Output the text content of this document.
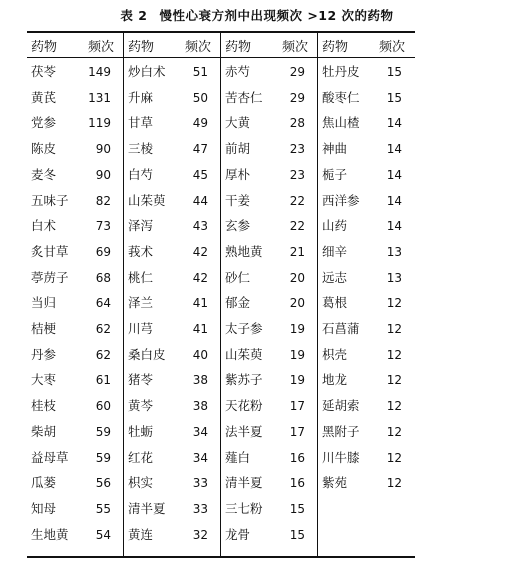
表 2 慢性心衰方剂中出现频次 >12 次的药物
药物 频次
茯苓	149
黄芪	131
党参	119
陈皮	90
麦冬	90
五味子 82
白术	73
炙甘草 69
葶苈子 68
当归	64
桔梗	62
丹参	62
大枣	61
桂枝	60
柴胡	59
益母草 59
瓜蒌	56
知母	55
生地黄 54
药物 频次
炒白术 51
升麻	50
甘草	49
三棱	47
白芍	45
山茱萸 44
泽泻	43
莪术	42
桃仁	42
泽兰	41
川芎	41
桑白皮 40
猪苓	38
黄芩	38
牡蛎	34
红花	34
枳实	33
清半夏 33
黄连	32
药物 频次
赤芍	29
苦杏仁 29
大黄	28
前胡	23
厚朴	23
干姜	22
玄参	22
熟地黄 21
砂仁	20
郁金	20
太子参 19
山茱萸 19
紫苏子 19
天花粉 17
法半夏 17
薤白	16
清半夏 16
三七粉 15
龙骨	15
药物 频次
牡丹皮 15
酸枣仁 15
焦山楂 14
神曲	14
栀子	14
西洋参 14
山药	14
细辛	13
远志	13
葛根	12
石菖蒲 12
枳壳	12
地龙	12
延胡索 12
黑附子 12
川牛膝 12
紫苑	12
